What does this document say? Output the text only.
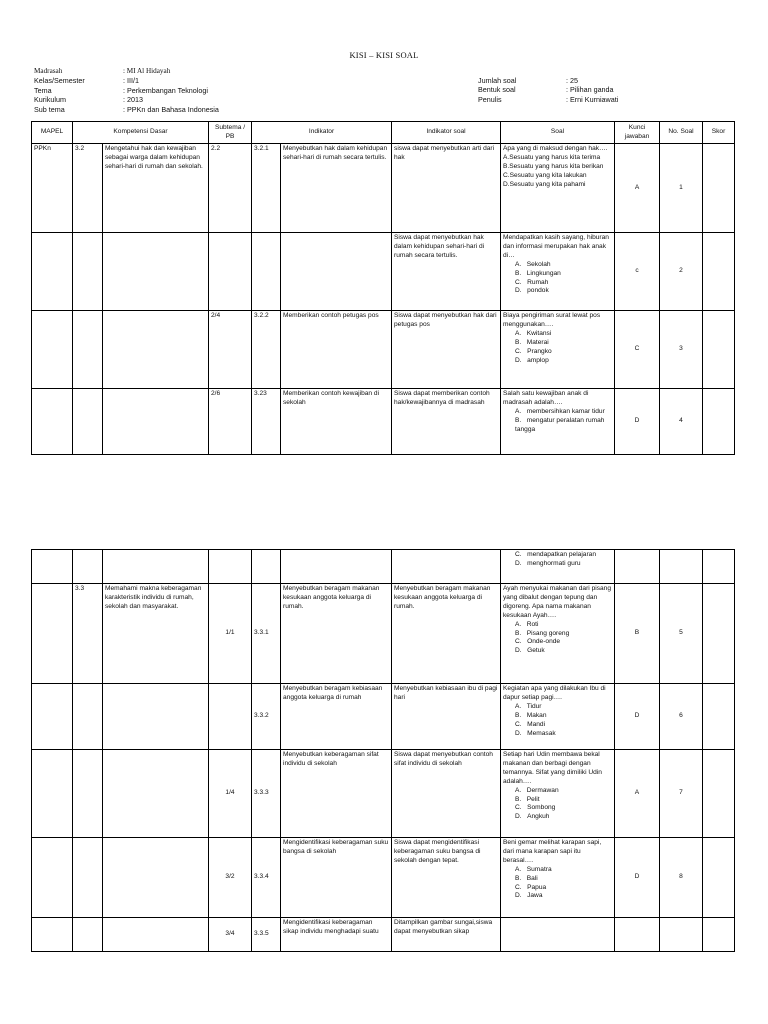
KISI – KISI SOAL
Madrasah	: MI Al Hidayah
Kelas/Semester	: III/1
Tema	: Perkembangan Teknologi
Kurikulum	: 2013
Sub tema	: PPKn dan Bahasa Indonesia
Jumlah soal	: 25
Bentuk soal	: Pilihan ganda
Penulis	: Erni Kurniawati
MAPEL	Kompetensi Dasar		Subtema / PB	Indikator		Indikator soal	Soal	Kunci jawaban	No. Soal	Skor
PPKn	3.2	Mengetahui hak dan kewajiban sebagai warga dalam kehidupan sehari-hari di rumah dan sekolah.	2.2	3.2.1	Menyebutkan hak dalam kehidupan sehari-hari di rumah secara tertulis.	siswa dapat menyebutkan arti dari hak	Apa yang di maksud dengan hak….
A.Sesuatu yang harus kita terima
B.Sesuatu yang harus kita berikan
C.Sesuatu yang kita lakukan
D.Sesuatu yang kita pahami	A	1	
						Siswa dapat menyebutkan hak dalam kehidupan sehari-hari di rumah secara tertulis.	Mendapatkan kasih sayang, hiburan dan informasi merupakan hak anak di…
A.   Sekolah
B.   Lingkungan
C.   Rumah
D.   pondok	c	2	
			2/4	3.2.2	Memberikan contoh petugas pos	Siswa dapat menyebutkan hak dari petugas pos	Biaya pengiriman surat lewat pos menggunakan….
A.   Kwitansi
B.   Materai
C.   Prangko
D.   amplop	C	3	
			2/6	3.23	Memberikan contoh kewajiban di sekolah	Siswa dapat memberikan contoh hak/kewajibannya di madrasah	Salah satu kewajiban anak di madrasah adalah….
A.   membersihkan kamar tidur
B.   mengatur peralatan rumah tangga	D	4	

							C.   mendapatkan pelajaran
D.   menghormati guru			

	3.3	Memahami makna keberagaman karakteristik individu di rumah, sekolah dan masyarakat.	1/1	3.3.1	Menyebutkan beragam makanan kesukaan anggota keluarga di rumah.	Menyebutkan beragam makanan kesukaan anggota keluarga di rumah.	Ayah menyukai makanan dari pisang yang dibalut dengan tepung dan digoreng. Apa nama makanan kesukaan Ayah….
A.   Roti
B.   Pisang goreng
C.   Onde-onde
D.   Getuk	B	5	
				3.3.2	Menyebutkan beragam kebiasaan anggota keluarga di rumah	Menyebutkan kebiasaan ibu di pagi hari	Kegiatan apa yang dilakukan Ibu di dapur setiap pagi….
A.   Tidur
B.   Makan
C.   Mandi
D.   Memasak	D	6	
			1/4	3.3.3	Menyebutkan keberagaman sifat individu di sekolah	Siswa dapat menyebutkan contoh sifat individu di sekolah	Setiap hari Udin membawa bekal makanan dan berbagi dengan temannya. Sifat yang dimiliki Udin adalah….
A.   Dermawan
B.   Pelit
C.   Sombong
D.   Angkuh	A	7	
			3/2	3.3.4	Mengidentifikasi keberagaman suku bangsa di sekolah	Siswa dapat mengidentifikasi keberagaman suku bangsa di sekolah dengan tepat.	Beni gemar melihat karapan sapi, dari mana karapan sapi itu berasal….
A.   Sumatra
B.   Bali
C.   Papua
D.   Jawa	D	8	
			3/4	3.3.5	Mengidentifikasi keberagaman sikap individu menghadapi suatu	Ditampilkan gambar sungai,siswa dapat menyebutkan sikap				
